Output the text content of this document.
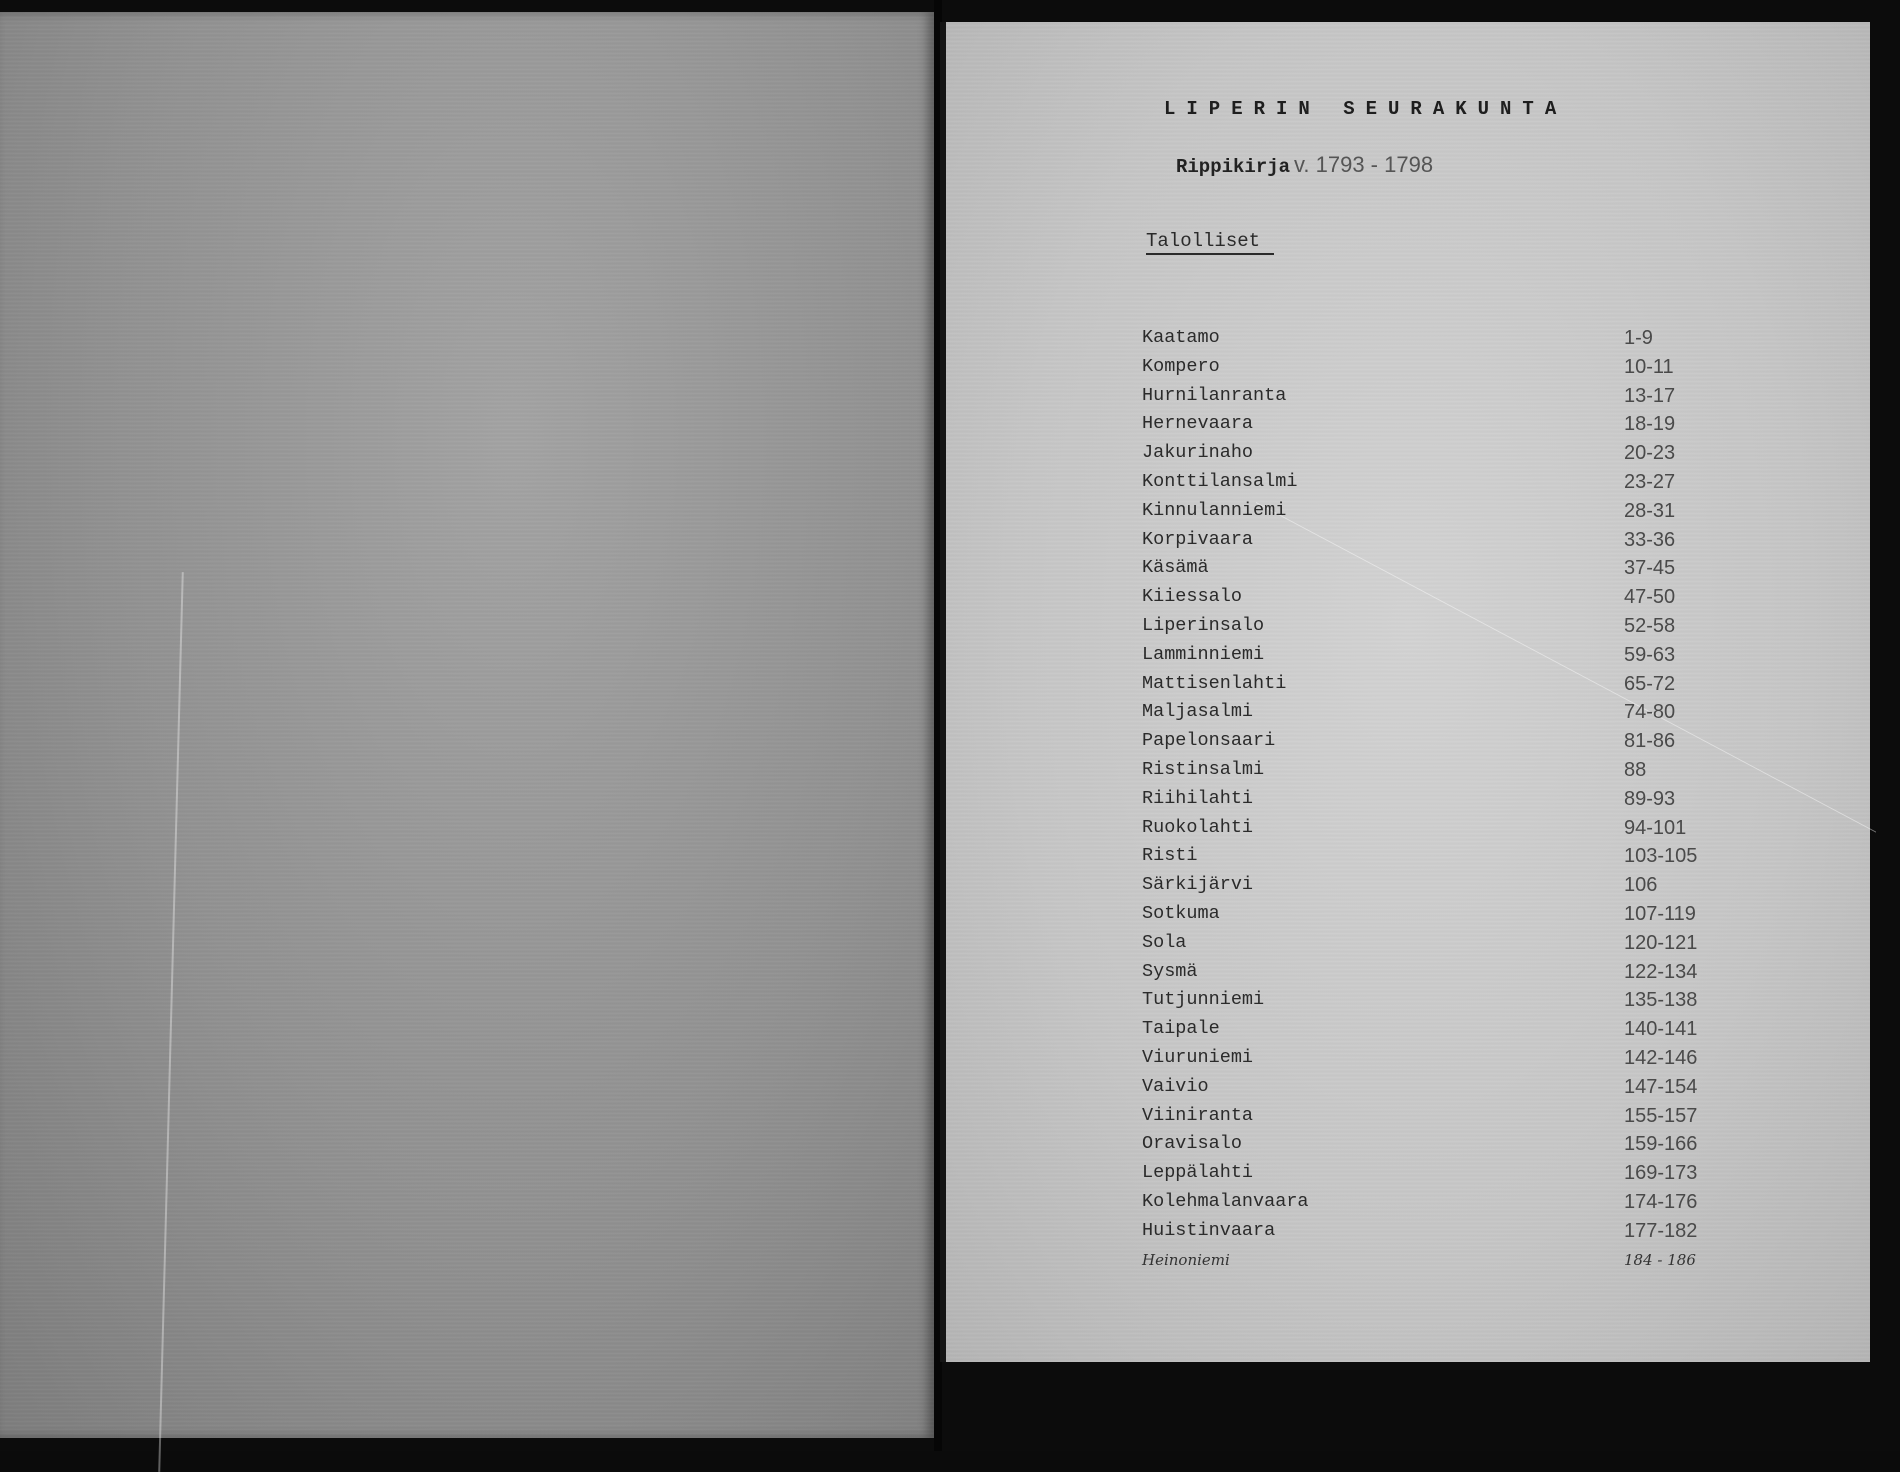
LIPERIN SEURAKUNTA
Rippikirja v. 1793 - 1798
Talolliset
Kaatamo	1-9
Kompero	10-11
Hurnilanranta	13-17
Hernevaara	18-19
Jakurinaho	20-23
Konttilansalmi	23-27
Kinnulanniemi	28-31
Korpivaara	33-36
Käsämä	37-45
Kiiessalo	47-50
Liperinsalo	52-58
Lamminniemi	59-63
Mattisenlahti	65-72
Maljasalmi	74-80
Papelonsaari	81-86
Ristinsalmi	88
Riihilahti	89-93
Ruokolahti	94-101
Risti	103-105
Särkijärvi	106
Sotkuma	107-119
Sola	120-121
Sysmä	122-134
Tutjunniemi	135-138
Taipale	140-141
Viuruniemi	142-146
Vaivio	147-154
Viiniranta	155-157
Oravisalo	159-166
Leppälahti	169-173
Kolehmalanvaara	174-176
Huistinvaara	177-182
Heinoniemi	184 - 186
